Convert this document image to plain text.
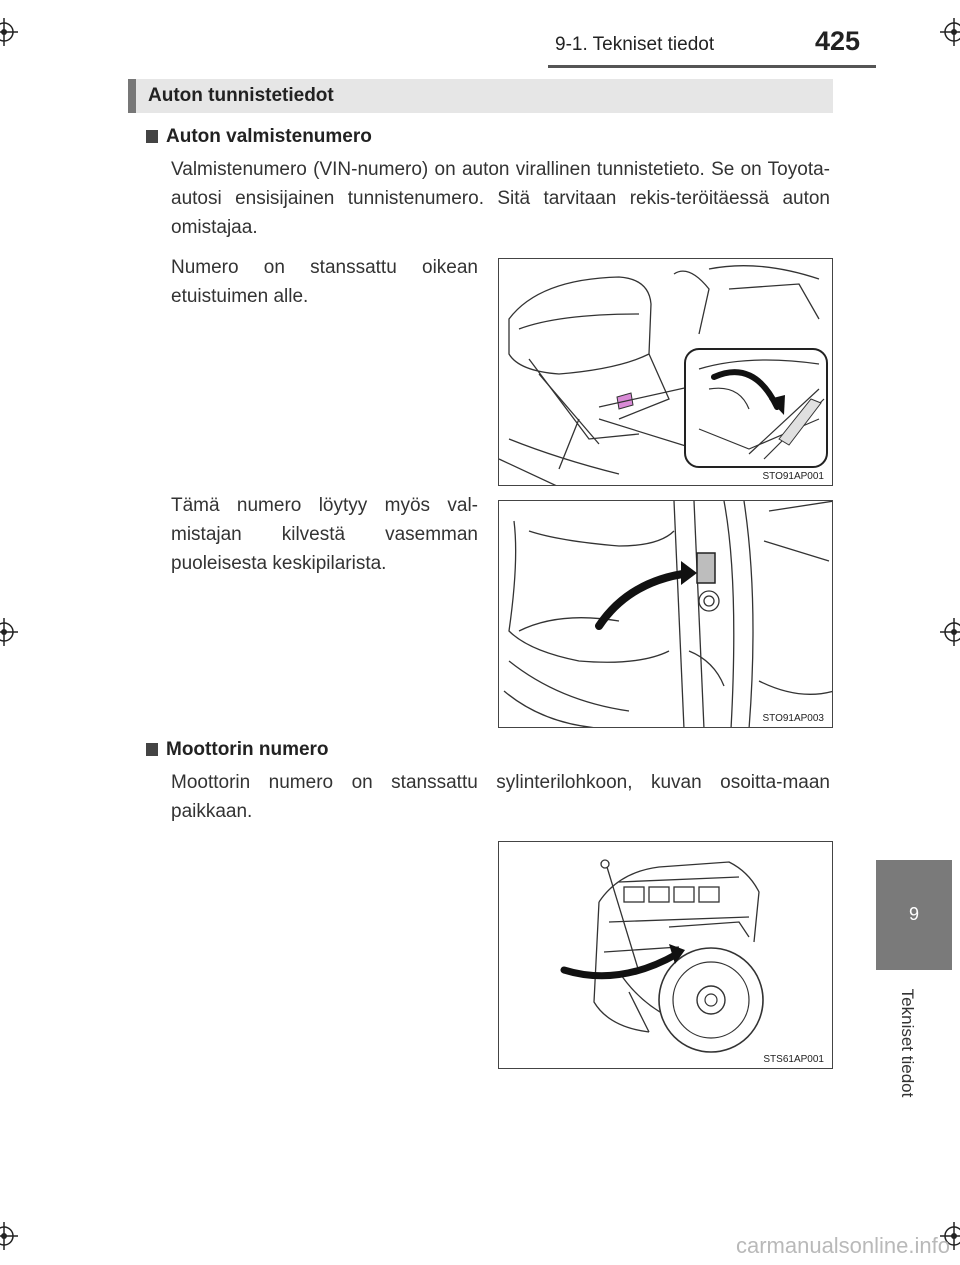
9-1. Tekniset tiedot	425
Auton tunnistetiedot
Auton valmistenumero
Valmistenumero (VIN-numero) on auton virallinen tunnistetieto. Se on Toyota-autosi ensisijainen tunnistenumero. Sitä tarvitaan rekis-teröitäessä auton omistajaa.
Numero on stanssattu oikean etuistuimen alle.
STO91AP001
Tämä numero löytyy myös val-mistajan kilvestä vasemman puoleisesta keskipilarista.
STO91AP003
Moottorin numero
Moottorin numero on stanssattu sylinterilohkoon, kuvan osoitta-maan paikkaan.
STS61AP001
9
Tekniset tiedot
carmanualsonline.info
